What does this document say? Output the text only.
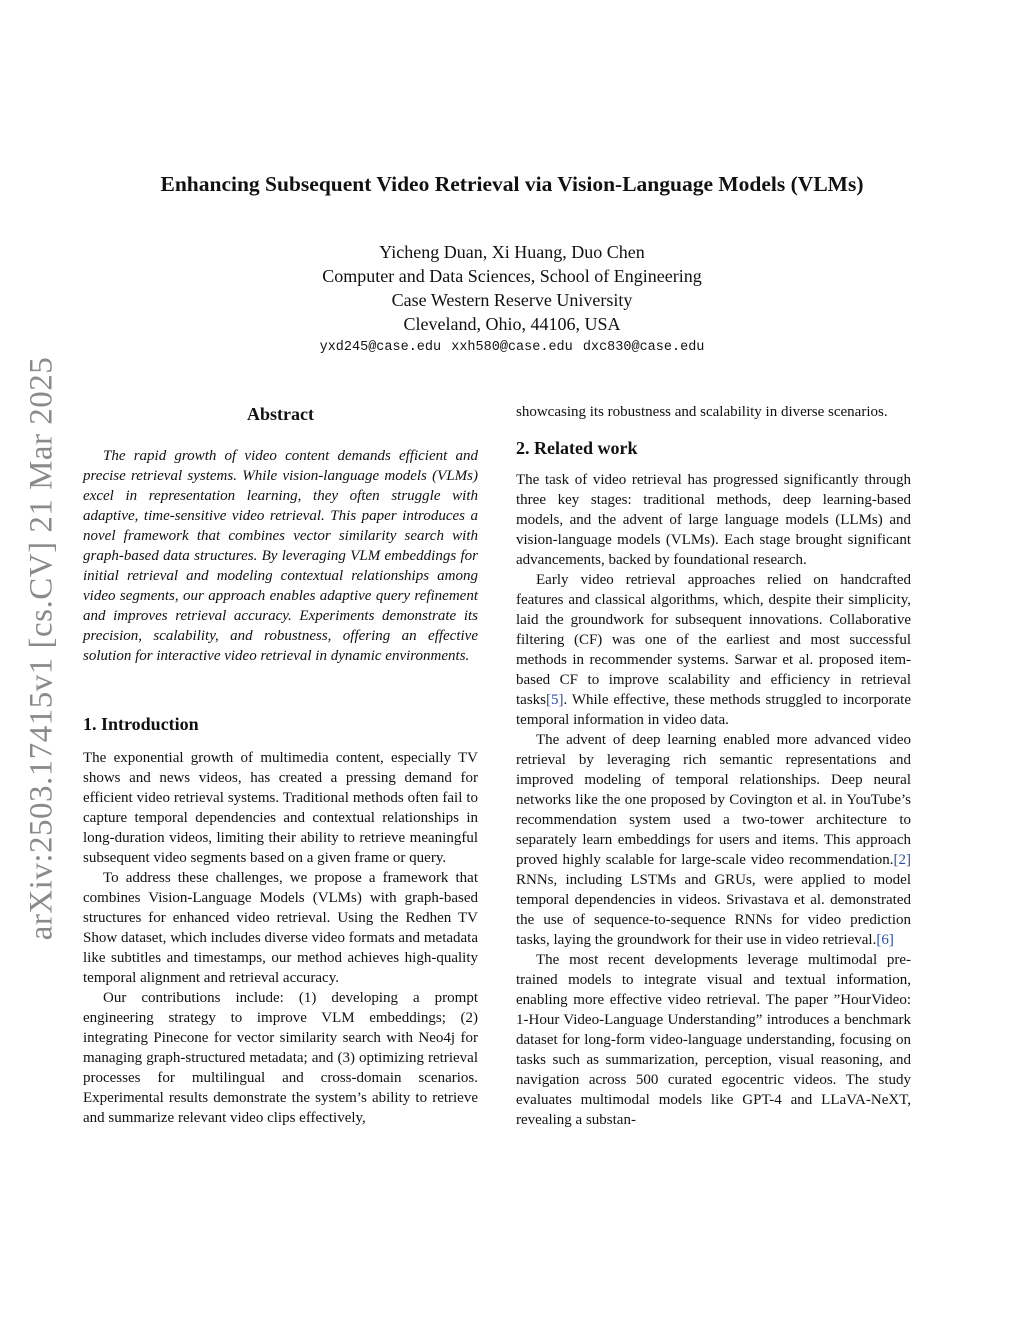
arXiv:2503.17415v1 [cs.CV] 21 Mar 2025
Enhancing Subsequent Video Retrieval via Vision-Language Models (VLMs)
Yicheng Duan, Xi Huang, Duo Chen
Computer and Data Sciences, School of Engineering
Case Western Reserve University
Cleveland, Ohio, 44106, USA
yxd245@case.edu xxh580@case.edu dxc830@case.edu
Abstract

The rapid growth of video content demands efficient and precise retrieval systems. While vision-language models (VLMs) excel in representation learning, they often struggle with adaptive, time-sensitive video retrieval. This paper introduces a novel framework that combines vector similarity search with graph-based data structures. By leveraging VLM embeddings for initial retrieval and modeling contextual relationships among video segments, our approach enables adaptive query refinement and improves retrieval accuracy. Experiments demonstrate its precision, scalability, and robustness, offering an effective solution for interactive video retrieval in dynamic environments.

1. Introduction

The exponential growth of multimedia content, especially TV shows and news videos, has created a pressing demand for efficient video retrieval systems. Traditional methods often fail to capture temporal dependencies and contextual relationships in long-duration videos, limiting their ability to retrieve meaningful subsequent video segments based on a given frame or query.

To address these challenges, we propose a framework that combines Vision-Language Models (VLMs) with graph-based structures for enhanced video retrieval. Using the Redhen TV Show dataset, which includes diverse video formats and metadata like subtitles and timestamps, our method achieves high-quality temporal alignment and retrieval accuracy.

Our contributions include: (1) developing a prompt engineering strategy to improve VLM embeddings; (2) integrating Pinecone for vector similarity search with Neo4j for managing graph-structured metadata; and (3) optimizing retrieval processes for multilingual and cross-domain scenarios. Experimental results demonstrate the system’s ability to retrieve and summarize relevant video clips effectively,

showcasing its robustness and scalability in diverse scenarios.

2. Related work

The task of video retrieval has progressed significantly through three key stages: traditional methods, deep learning-based models, and the advent of large language models (LLMs) and vision-language models (VLMs). Each stage brought significant advancements, backed by foundational research.

Early video retrieval approaches relied on handcrafted features and classical algorithms, which, despite their simplicity, laid the groundwork for subsequent innovations. Collaborative filtering (CF) was one of the earliest and most successful methods in recommender systems. Sarwar et al. proposed item-based CF to improve scalability and efficiency in retrieval tasks[5]. While effective, these methods struggled to incorporate temporal information in video data.

The advent of deep learning enabled more advanced video retrieval by leveraging rich semantic representations and improved modeling of temporal relationships. Deep neural networks like the one proposed by Covington et al. in YouTube’s recommendation system used a two-tower architecture to separately learn embeddings for users and items. This approach proved highly scalable for large-scale video recommendation.[2] RNNs, including LSTMs and GRUs, were applied to model temporal dependencies in videos. Srivastava et al. demonstrated the use of sequence-to-sequence RNNs for video prediction tasks, laying the groundwork for their use in video retrieval.[6]

The most recent developments leverage multimodal pre-trained models to integrate visual and textual information, enabling more effective video retrieval. The paper ”HourVideo: 1-Hour Video-Language Understanding” introduces a benchmark dataset for long-form video-language understanding, focusing on tasks such as summarization, perception, visual reasoning, and navigation across 500 curated egocentric videos. The study evaluates multimodal models like GPT-4 and LLaVA-NeXT, revealing a substan-
